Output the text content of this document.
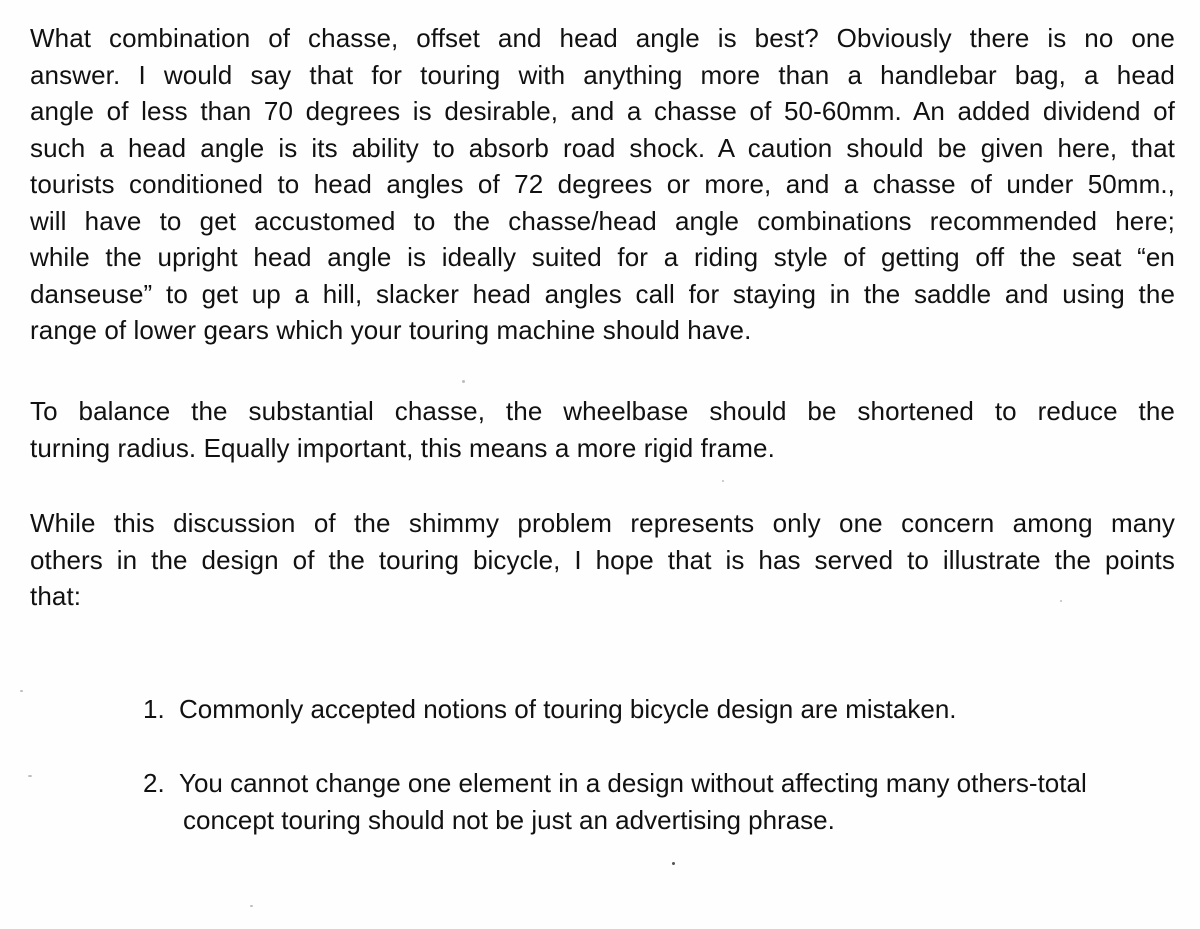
What combination of chasse, offset and head angle is best? Obviously there is no one
answer. I would say that for touring with anything more than a handlebar bag, a head
angle of less than 70 degrees is desirable, and a chasse of 50-60mm. An added dividend of
such a head angle is its ability to absorb road shock. A caution should be given here, that
tourists conditioned to head angles of 72 degrees or more, and a chasse of under 50mm.,
will have to get accustomed to the chasse/head angle combinations recommended here;
while the upright head angle is ideally suited for a riding style of getting off the seat “en
danseuse” to get up a hill, slacker head angles call for staying in the saddle and using the
range of lower gears which your touring machine should have.
To balance the substantial chasse, the wheelbase should be shortened to reduce the
turning radius. Equally important, this means a more rigid frame.
While this discussion of the shimmy problem represents only one concern among many
others in the design of the touring bicycle, I hope that is has served to illustrate the points
that:
1. Commonly accepted notions of touring bicycle design are mistaken.
2. You cannot change one element in a design without affecting many others-total
concept touring should not be just an advertising phrase.
